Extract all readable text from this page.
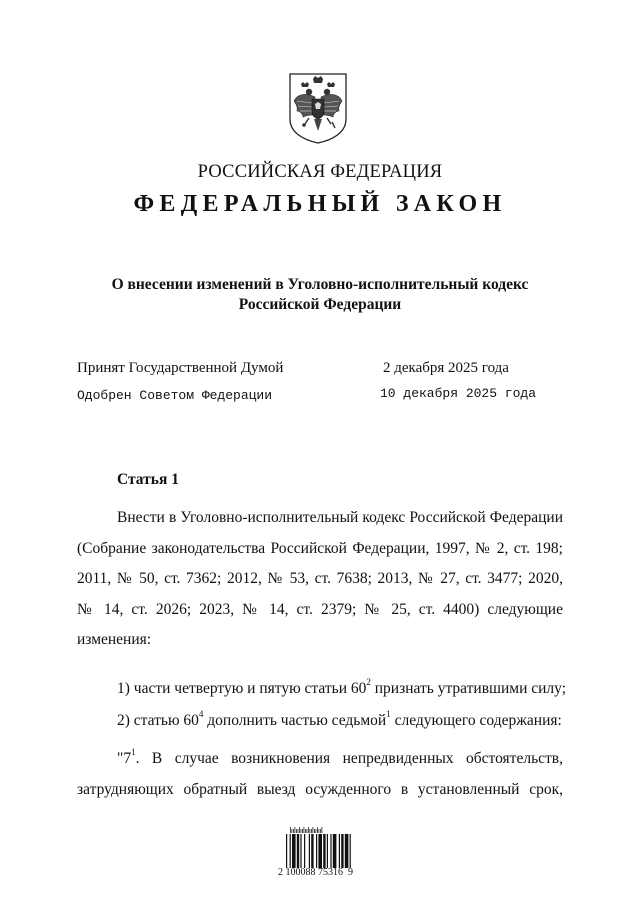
РОССИЙСКАЯ ФЕДЕРАЦИЯ
ФЕДЕРАЛЬНЫЙ ЗАКОН
О внесении изменений в Уголовно-исполнительный кодекс
Российской Федерации
Принят Государственной Думой	2 декабря 2025 года
Одобрен Советом Федерации	10 декабря 2025 года
Статья 1
Внести в Уголовно-исполнительный кодекс Российской Федерации
(Собрание законодательства Российской Федерации, 1997, № 2, ст. 198;
2011, № 50, ст. 7362; 2012, № 53, ст. 7638; 2013, № 27, ст. 3477; 2020,
№ 14, ст. 2026; 2023, № 14, ст. 2379; № 25, ст. 4400) следующие
изменения:
1) части четвертую и пятую статьи $60^2$ признать утратившими силу;
2) статью $60^4$ дополнить частью седьмой$^1$ следующего содержания:
"$7^1$. В случае возникновения непредвиденных обстоятельств,
затрудняющих обратный выезд осужденного в установленный срок,
2 100088 75316  9
